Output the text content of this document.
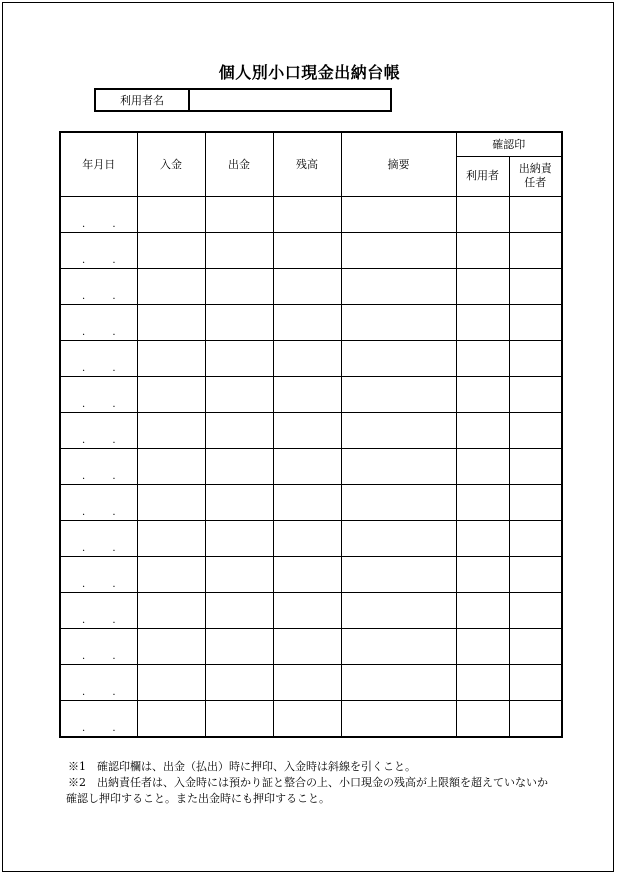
個人別小口現金出納台帳
利用者名
年月日	入金	出金	残高	摘要	確認印	
					利用者	出納責任者

. .						

. .						

. .						

. .						

. .						

. .						

. .						

. .						

. .						

. .						

. .						

. .						

. .						

. .						

. .						

※1　確認印欄は、出金（払出）時に押印、入金時は斜線を引くこと。
※2　出納責任者は、入金時には預かり証と整合の上、小口現金の残高が上限額を超えていないか確認し押印すること。また出金時にも押印すること。
